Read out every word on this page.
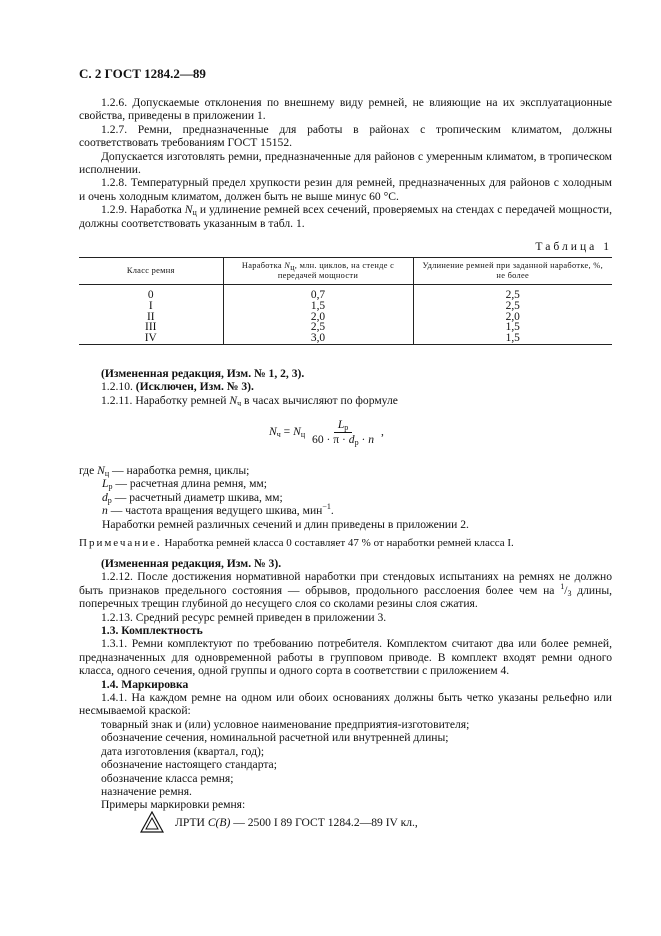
С. 2 ГОСТ 1284.2—89

1.2.6. Допускаемые отклонения по внешнему виду ремней, не влияющие на их эксплуатационные свойства, приведены в приложении 1.

1.2.7. Ремни, предназначенные для работы в районах с тропическим климатом, должны соответствовать требованиям ГОСТ 15152.

Допускается изготовлять ремни, предназначенные для районов с умеренным климатом, в тропическом исполнении.

1.2.8. Температурный предел хрупкости резин для ремней, предназначенных для районов с холодным и очень холодным климатом, должен быть не выше минус 60 °С.

1.2.9. Наработка $N_ц$ и удлинение ремней всех сечений, проверяемых на стендах с передачей мощности, должны соответствовать указанным в табл. 1.

Таблица 1
Класс ремня	Наработка $N_ц$, млн. циклов, на стенде с передачей мощности	Удлинение ремней при заданной наработке, %, не более
0	0,7	2,5
I	1,5	2,5
II	2,0	2,0
III	2,5	1,5
IV	3,0	1,5

(Измененная редакция, Изм. № 1, 2, 3).

1.2.10. (Исключен, Изм. № 3).

1.2.11. Наработку ремней $N_ч$ в часах вычисляют по формуле

$N_ч = N_ц \frac{L_р}{60 \cdot \pi \cdot d_р \cdot n}$ ,

где $N_ц$ — наработка ремня, циклы;

$L_р$ — расчетная длина ремня, мм;

$d_р$ — расчетный диаметр шкива, мм;

n — частота вращения ведущего шкива, мин$^{-1}$.

Наработки ремней различных сечений и длин приведены в приложении 2.

Примечание. Наработка ремней класса 0 составляет 47 % от наработки ремней класса I.

(Измененная редакция, Изм. № 3).

1.2.12. После достижения нормативной наработки при стендовых испытаниях на ремнях не должно быть признаков предельного состояния — обрывов, продольного расслоения более чем на $^1/_3$ длины, поперечных трещин глубиной до несущего слоя со сколами резины слоя сжатия.

1.2.13. Средний ресурс ремней приведен в приложении 3.

1.3. Комплектность

1.3.1. Ремни комплектуют по требованию потребителя. Комплектом считают два или более ремней, предназначенных для одновременной работы в групповом приводе. В комплект входят ремни одного класса, одного сечения, одной группы и одного сорта в соответствии с приложением 4.

1.4. Маркировка

1.4.1. На каждом ремне на одном или обоих основаниях должны быть четко указаны рельефно или несмываемой краской:

товарный знак и (или) условное наименование предприятия-изготовителя;

обозначение сечения, номинальной расчетной или внутренней длины;

дата изготовления (квартал, год);

обозначение настоящего стандарта;

обозначение класса ремня;

назначение ремня.

Примеры маркировки ремня:

ЛРТИ С(В) — 2500 I 89 ГОСТ 1284.2—89 IV кл.,
